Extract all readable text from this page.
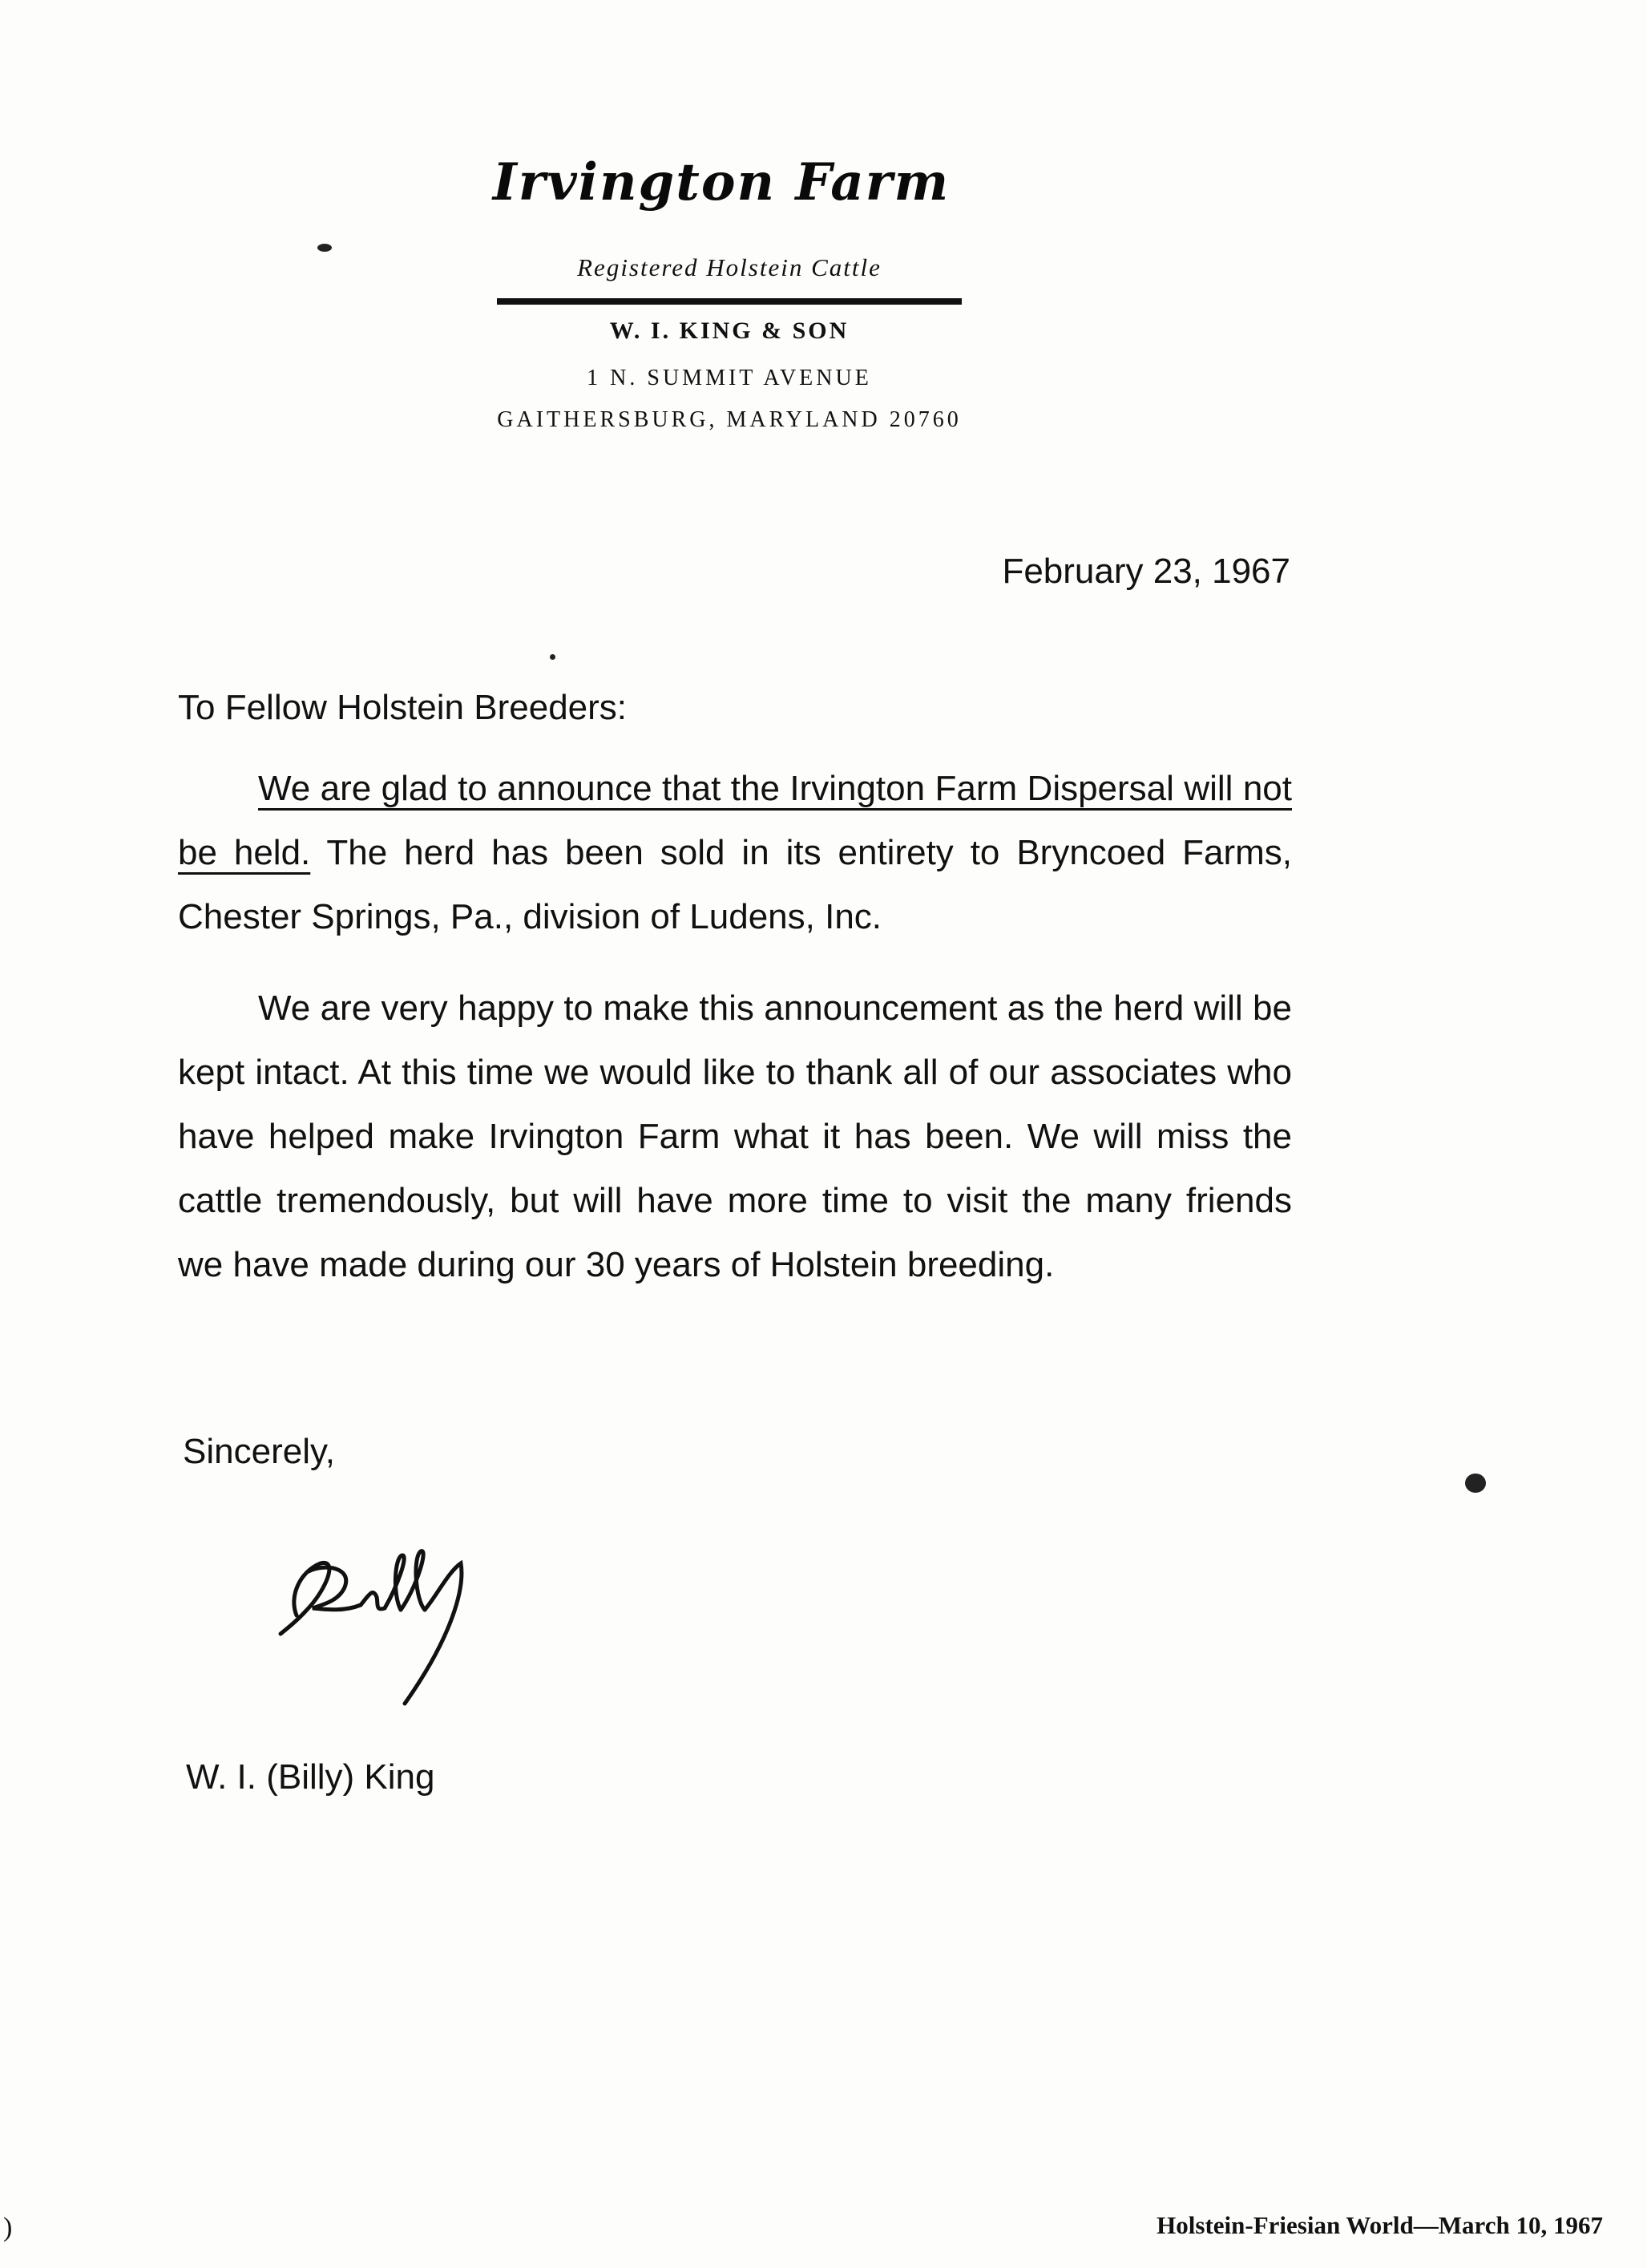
Irvington Farm
Registered Holstein Cattle
W. I. KING & SON
1 N. SUMMIT AVENUE
GAITHERSBURG, MARYLAND 20760
February 23, 1967
To Fellow Holstein Breeders:
We are glad to announce that the Irvington Farm Dispersal will not be held. The herd has been sold in its entirety to Bryncoed Farms, Chester Springs, Pa., division of Ludens, Inc.
We are very happy to make this announcement as the herd will be kept intact. At this time we would like to thank all of our associates who have helped make Irvington Farm what it has been. We will miss the cattle tremendously, but will have more time to visit the many friends we have made during our 30 years of Holstein breeding.
Sincerely,
W. I. (Billy) King
Holstein-Friesian World—March 10, 1967
)
